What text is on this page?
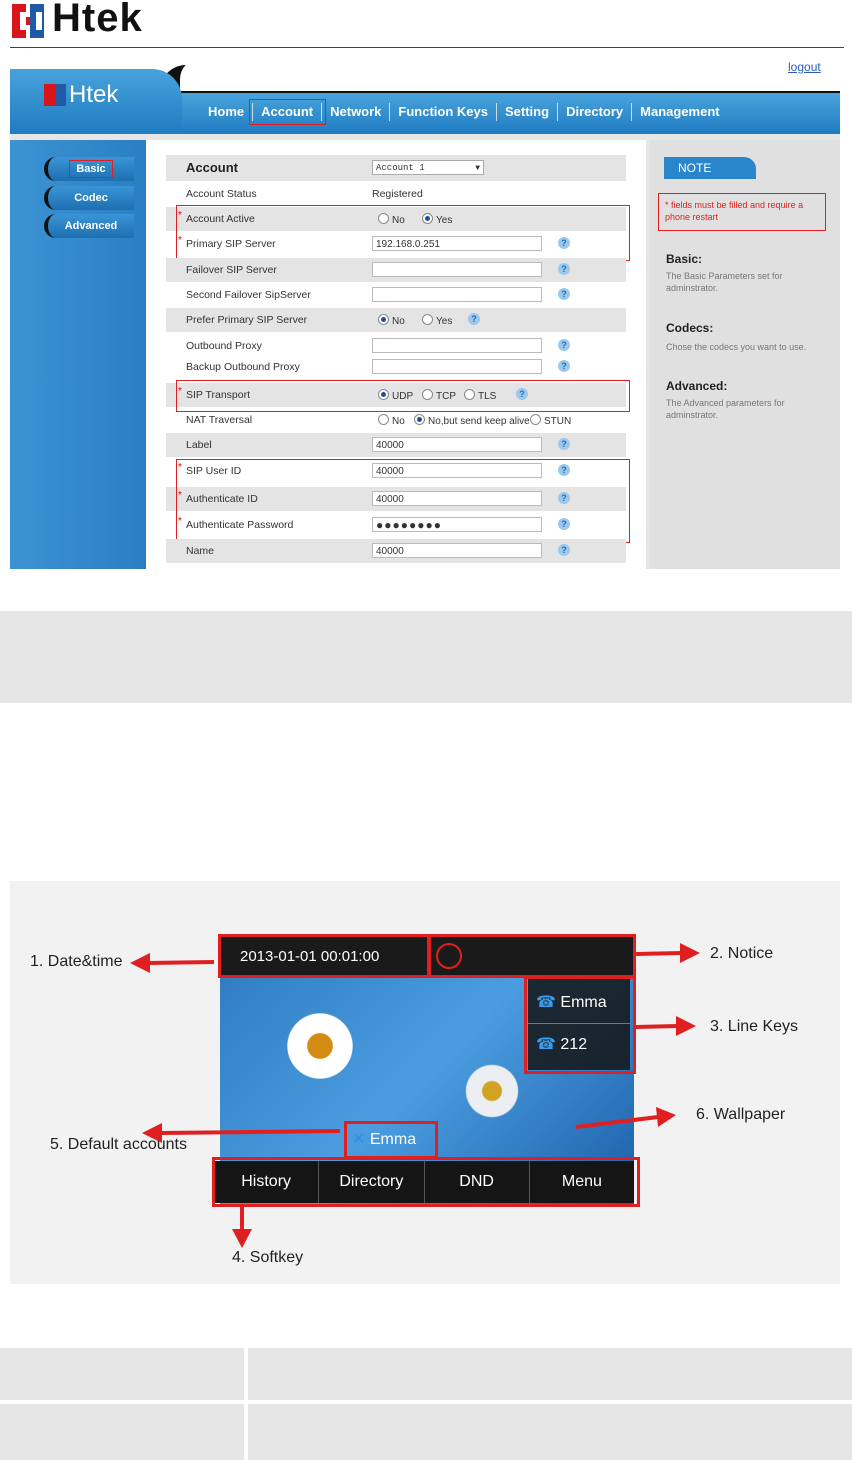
Htek
Htek
logout
Home	Account	Network	Function Keys	Setting	Directory	Management
Basic
Codec
Advanced
Account	Account 1	▼
Account Status	Registered
* Account Active	No	Yes
* Primary SIP Server	192.168.0.251	?
Failover SIP Server	?
Second Failover SipServer	?
Prefer Primary SIP Server	No	Yes	?
Outbound Proxy	?
Backup Outbound Proxy	?
* SIP Transport	UDP	TCP	TLS	?
NAT Traversal	No	No,but send keep alive	STUN
Label	40000	?
* SIP User ID	40000	?
* Authenticate ID	40000	?
* Authenticate Password	●●●●●●●●	?
Name	40000	?
NOTE
* fields must be filled and require a phone restart
Basic:
The Basic Parameters set for adminstrator.
Codecs:
Chose the codecs you want to use.
Advanced:
The Advanced parameters for adminstrator.
2013-01-01 00:01:00
☎ Emma
☎ 212
✕ Emma
History	Directory	DND	Menu
1. Date&time	2. Notice
3. Line Keys
6. Wallpaper
5. Default accounts
4. Softkey
